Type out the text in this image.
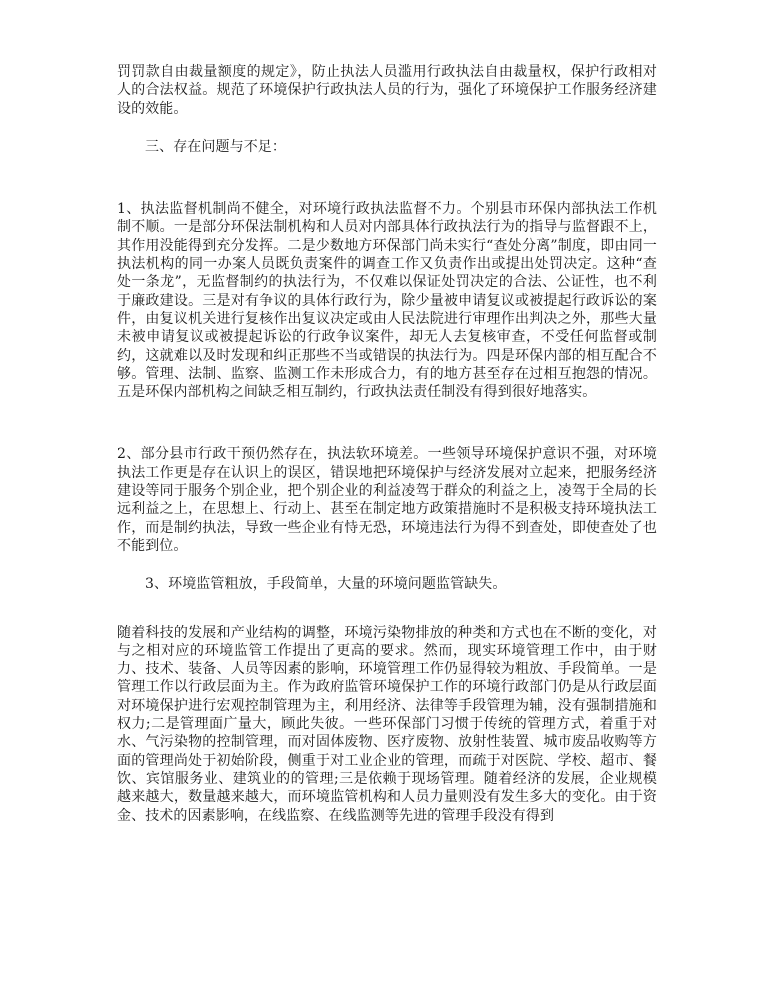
罚罚款自由裁量额度的规定》，防止执法人员滥用行政执法自由裁量权，保护行政相对人的合法权益。规范了环境保护行政执法人员的行为，强化了环境保护工作服务经济建设的效能。

三、存在问题与不足：

1、执法监督机制尚不健全，对环境行政执法监督不力。个别县市环保内部执法工作机制不顺。一是部分环保法制机构和人员对内部具体行政执法行为的指导与监督跟不上，其作用没能得到充分发挥。二是少数地方环保部门尚未实行“查处分离”制度，即由同一执法机构的同一办案人员既负责案件的调查工作又负责作出或提出处罚决定。这种“查处一条龙”，无监督制约的执法行为，不仅难以保证处罚决定的合法、公证性，也不利于廉政建设。三是对有争议的具体行政行为，除少量被申请复议或被提起行政诉讼的案件，由复议机关进行复核作出复议决定或由人民法院进行审理作出判决之外，那些大量未被申请复议或被提起诉讼的行政争议案件，却无人去复核审查，不受任何监督或制约，这就难以及时发现和纠正那些不当或错误的执法行为。四是环保内部的相互配合不够。管理、法制、监察、监测工作未形成合力，有的地方甚至存在过相互抱怨的情况。五是环保内部机构之间缺乏相互制约，行政执法责任制没有得到很好地落实。

2、部分县市行政干预仍然存在，执法软环境差。一些领导环境保护意识不强，对环境执法工作更是存在认识上的误区，错误地把环境保护与经济发展对立起来，把服务经济建设等同于服务个别企业，把个别企业的利益凌驾于群众的利益之上，凌驾于全局的长远利益之上，在思想上、行动上、甚至在制定地方政策措施时不是积极支持环境执法工作，而是制约执法，导致一些企业有恃无恐，环境违法行为得不到查处，即使查处了也不能到位。

3、环境监管粗放，手段简单，大量的环境问题监管缺失。

随着科技的发展和产业结构的调整，环境污染物排放的种类和方式也在不断的变化，对与之相对应的环境监管工作提出了更高的要求。然而，现实环境管理工作中，由于财力、技术、装备、人员等因素的影响，环境管理工作仍显得较为粗放、手段简单。一是管理工作以行政层面为主。作为政府监管环境保护工作的环境行政部门仍是从行政层面对环境保护进行宏观控制管理为主，利用经济、法律等手段管理为辅，没有强制措施和权力;二是管理面广量大，顾此失彼。一些环保部门习惯于传统的管理方式，着重于对水、气污染物的控制管理，而对固体废物、医疗废物、放射性装置、城市废品收购等方面的管理尚处于初始阶段，侧重于对工业企业的管理，而疏于对医院、学校、超市、餐饮、宾馆服务业、建筑业的的管理;三是依赖于现场管理。随着经济的发展，企业规模越来越大，数量越来越大，而环境监管机构和人员力量则没有发生多大的变化。由于资金、技术的因素影响，在线监察、在线监测等先进的管理手段没有得到
